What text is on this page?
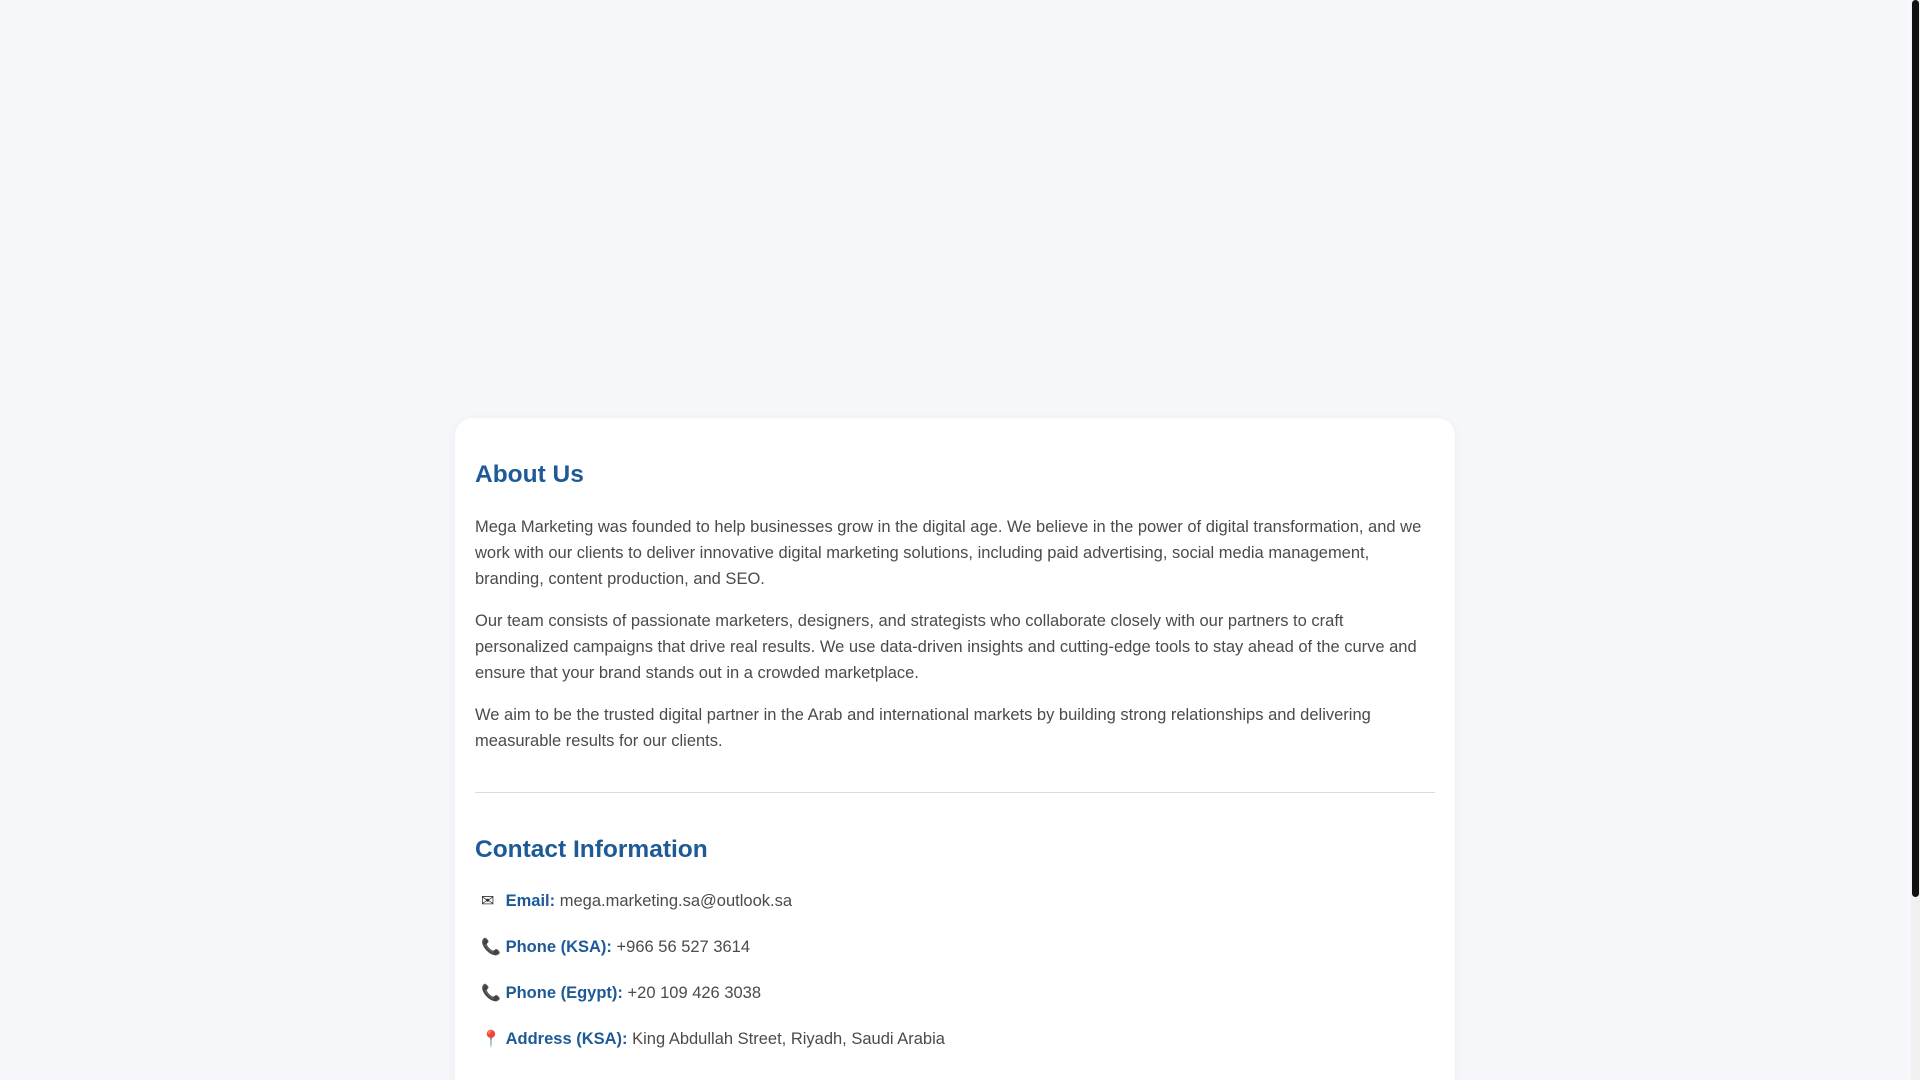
About Us

Mega Marketing was founded to help businesses grow in the digital age. We believe in the power of digital transformation, and we work with our clients to deliver innovative digital marketing solutions, including paid advertising, social media management, branding, content production, and SEO.

Our team consists of passionate marketers, designers, and strategists who collaborate closely with our partners to craft personalized campaigns that drive real results. We use data-driven insights and cutting-edge tools to stay ahead of the curve and ensure that your brand stands out in a crowded marketplace.

We aim to be the trusted digital partner in the Arab and international markets by building strong relationships and delivering measurable results for our clients.

Contact Information
✉ Email: mega.marketing.sa@outlook.sa
📞 Phone (KSA): +966 56 527 3614
📞 Phone (Egypt): +20 109 426 3038
📍 Address (KSA): King Abdullah Street, Riyadh, Saudi Arabia
